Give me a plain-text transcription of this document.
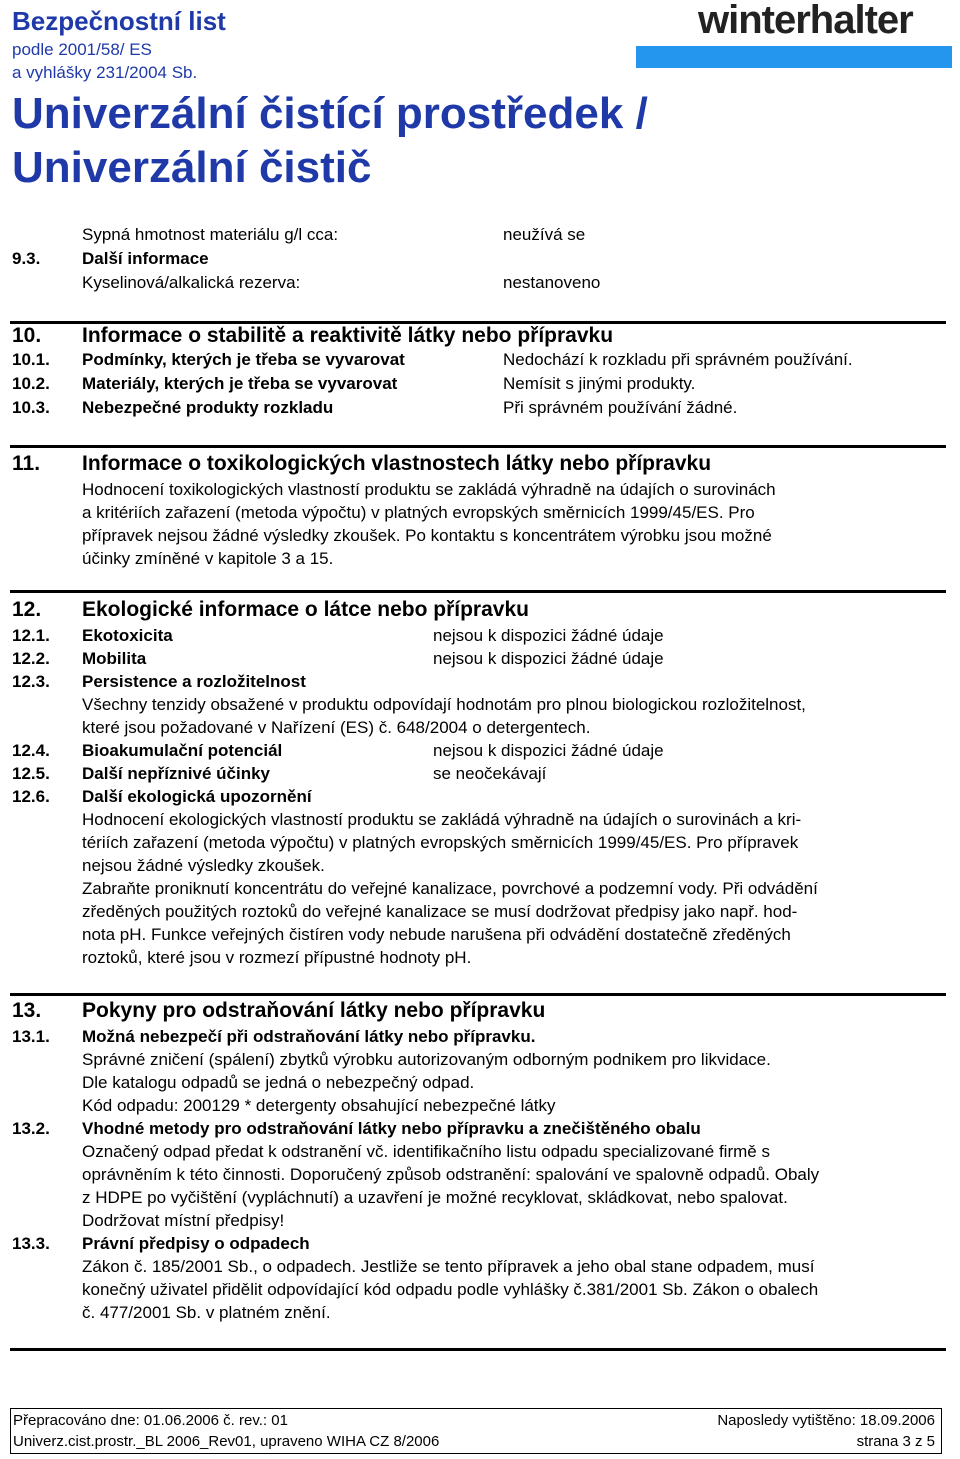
Bezpečnostní list
podle 2001/58/ ES
a vyhlášky 231/2004 Sb.
Univerzální čistící prostředek /
Univerzální čistič
winterhalter
Sypná hmotnost materiálu g/l cca:	neužívá se
9.3. Další informace
Kyselinová/alkalická rezerva:	nestanoveno
10. Informace o stabilitě a reaktivitě látky nebo přípravku
10.1. Podmínky, kterých je třeba se vyvarovat	Nedochází k rozkladu při správném používání.
10.2. Materiály, kterých je třeba se vyvarovat	Nemísit s jinými produkty.
10.3. Nebezpečné produkty rozkladu	Při správném používání žádné.
11. Informace o toxikologických vlastnostech látky nebo přípravku
Hodnocení toxikologických vlastností produktu se zakládá výhradně na údajích o surovinách
a kritériích zařazení (metoda výpočtu) v platných evropských směrnicích 1999/45/ES. Pro
přípravek nejsou žádné výsledky zkoušek. Po kontaktu s koncentrátem výrobku jsou možné
účinky zmíněné v kapitole 3 a 15.
12. Ekologické informace o látce nebo přípravku
12.1. Ekotoxicita	nejsou k dispozici žádné údaje
12.2. Mobilita	nejsou k dispozici žádné údaje
12.3. Persistence a rozložitelnost
Všechny tenzidy obsažené v produktu odpovídají hodnotám pro plnou biologickou rozložitelnost,
které jsou požadované v Nařízení (ES) č. 648/2004 o detergentech.
12.4. Bioakumulační potenciál	nejsou k dispozici žádné údaje
12.5. Další nepříznivé účinky	se neočekávají
12.6. Další ekologická upozornění
Hodnocení ekologických vlastností produktu se zakládá výhradně na údajích o surovinách a kri-
tériích zařazení (metoda výpočtu) v platných evropských směrnicích 1999/45/ES. Pro přípravek
nejsou žádné výsledky zkoušek.
Zabraňte proniknutí koncentrátu do veřejné kanalizace, povrchové a podzemní vody. Při odvádění
zředěných použitých roztoků do veřejné kanalizace se musí dodržovat předpisy jako např. hod-
nota pH. Funkce veřejných čistíren vody nebude narušena při odvádění dostatečně zředěných
roztoků, které jsou v rozmezí přípustné hodnoty pH.
13. Pokyny pro odstraňování látky nebo přípravku
13.1. Možná nebezpečí při odstraňování látky nebo přípravku.
Správné zničení (spálení) zbytků výrobku autorizovaným odborným podnikem pro likvidace.
Dle katalogu odpadů se jedná o nebezpečný odpad.
Kód odpadu: 200129 * detergenty obsahující nebezpečné látky
13.2. Vhodné metody pro odstraňování látky nebo přípravku a znečištěného obalu
Označený odpad předat k odstranění vč. identifikačního listu odpadu specializované firmě s
oprávněním k této činnosti. Doporučený způsob odstranění: spalování ve spalovně odpadů. Obaly
z HDPE po vyčištění (vypláchnutí) a uzavření je možné recyklovat, skládkovat, nebo spalovat.
Dodržovat místní předpisy!
13.3. Právní předpisy o odpadech
Zákon č. 185/2001 Sb., o odpadech. Jestliže se tento přípravek a jeho obal stane odpadem, musí
konečný uživatel přidělit odpovídající kód odpadu podle vyhlášky č.381/2001 Sb. Zákon o obalech
č. 477/2001 Sb. v platném znění.
Přepracováno dne: 01.06.2006 č. rev.: 01	Naposledy vytištěno: 18.09.2006
Univerz.cist.prostr._BL 2006_Rev01, upraveno WIHA CZ 8/2006	strana 3 z 5
